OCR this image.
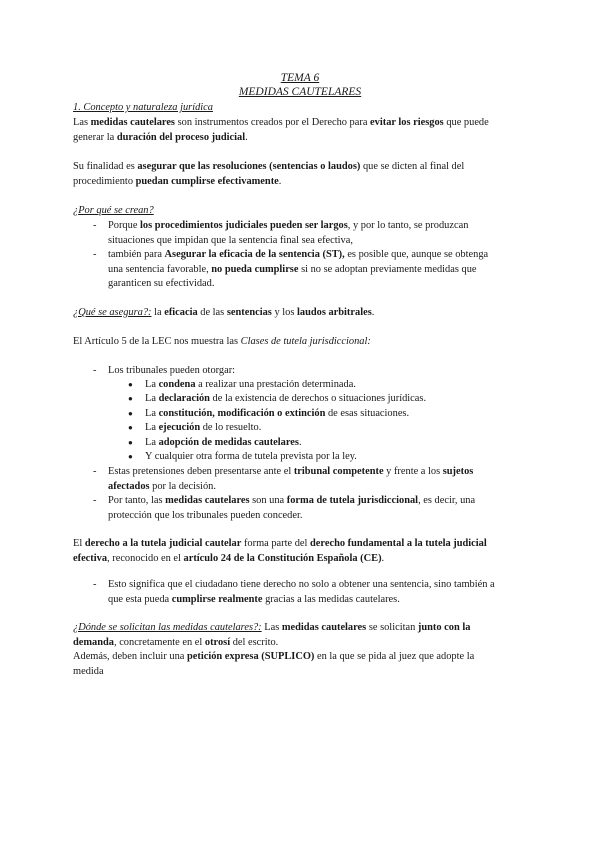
TEMA 6
MEDIDAS CAUTELARES
1. Concepto y naturaleza jurídica
Las medidas cautelares son instrumentos creados por el Derecho para evitar los riesgos que puede
generar la duración del proceso judicial.
Su finalidad es asegurar que las resoluciones (sentencias o laudos) que se dicten al final del
procedimiento puedan cumplirse efectivamente.
¿Por qué se crean?
- Porque los procedimientos judiciales pueden ser largos, y por lo tanto, se produzcan
situaciones que impidan que la sentencia final sea efectiva,
- también para Asegurar la eficacia de la sentencia (ST), es posible que, aunque se obtenga
una sentencia favorable, no pueda cumplirse si no se adoptan previamente medidas que
garanticen su efectividad.
¿Qué se asegura?: la eficacia de las sentencias y los laudos arbitrales.
El Artículo 5 de la LEC nos muestra las Clases de tutela jurisdiccional:
- Los tribunales pueden otorgar:
● La condena a realizar una prestación determinada.
● La declaración de la existencia de derechos o situaciones jurídicas.
● La constitución, modificación o extinción de esas situaciones.
● La ejecución de lo resuelto.
● La adopción de medidas cautelares.
● Y cualquier otra forma de tutela prevista por la ley.
- Estas pretensiones deben presentarse ante el tribunal competente y frente a los sujetos
afectados por la decisión.
- Por tanto, las medidas cautelares son una forma de tutela jurisdiccional, es decir, una
protección que los tribunales pueden conceder.
El derecho a la tutela judicial cautelar forma parte del derecho fundamental a la tutela judicial
efectiva, reconocido en el artículo 24 de la Constitución Española (CE).
- Esto significa que el ciudadano tiene derecho no solo a obtener una sentencia, sino también a
que esta pueda cumplirse realmente gracias a las medidas cautelares.
¿Dónde se solicitan las medidas cautelares?: Las medidas cautelares se solicitan junto con la
demanda, concretamente en el otrosí del escrito.
Además, deben incluir una petición expresa (SUPLICO) en la que se pida al juez que adopte la
medida
